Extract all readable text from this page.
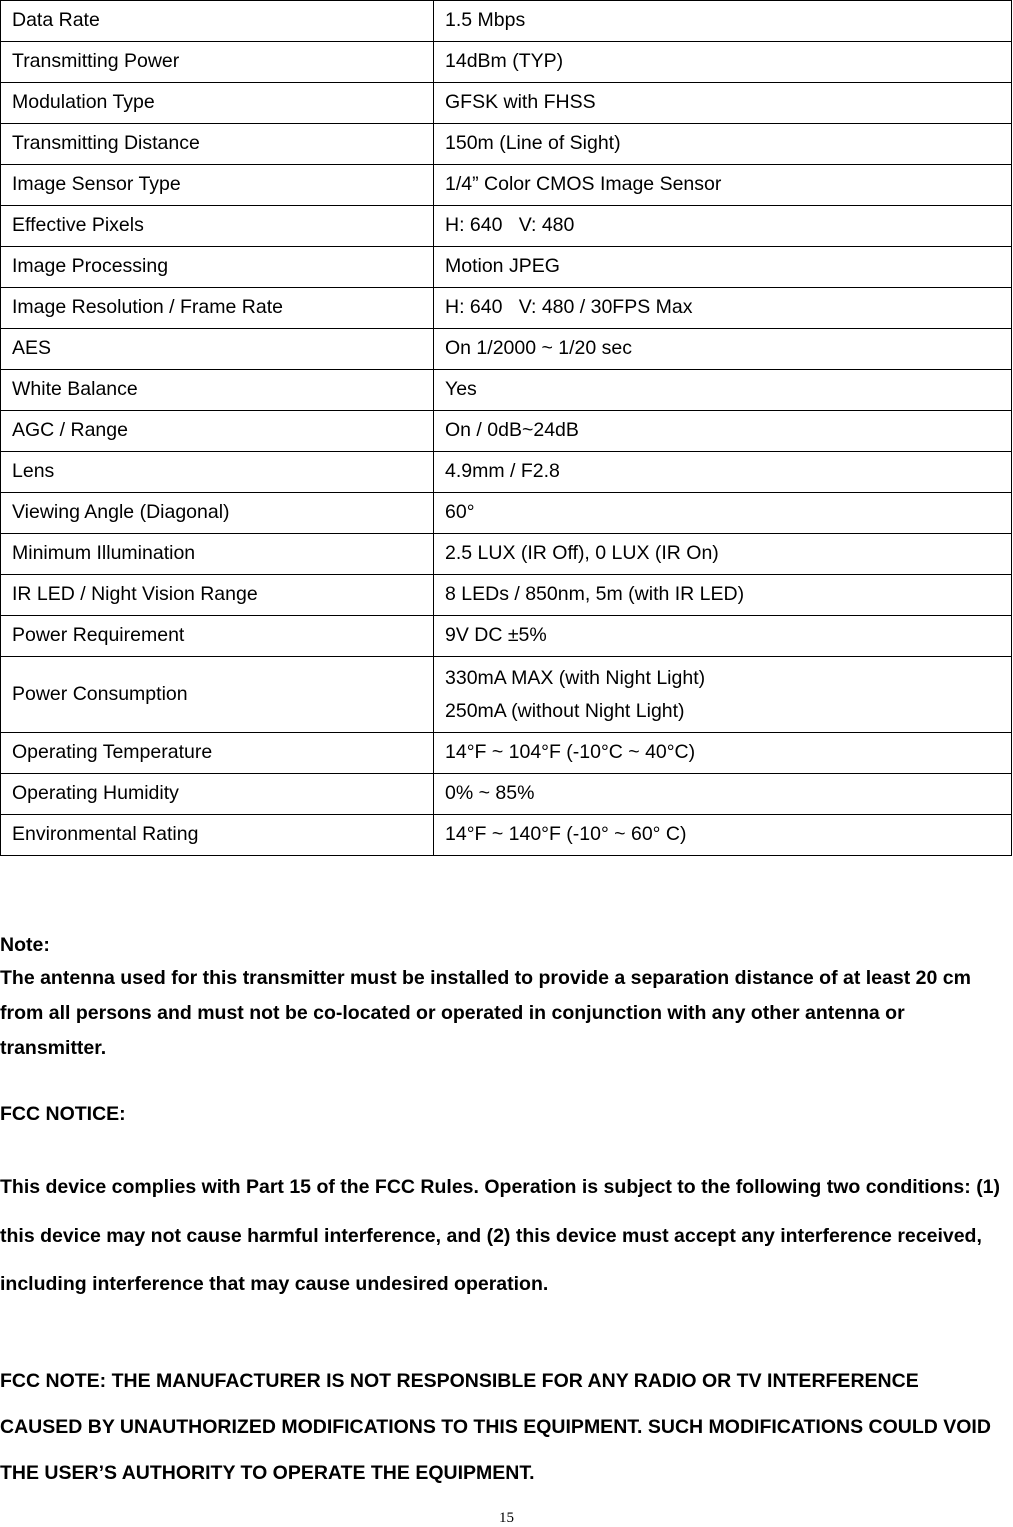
Data Rate	1.5 Mbps
Transmitting Power	14dBm (TYP)
Modulation Type	GFSK with FHSS
Transmitting Distance	150m (Line of Sight)
Image Sensor Type	1/4” Color CMOS Image Sensor
Effective Pixels	H: 640   V: 480
Image Processing	Motion JPEG
Image Resolution / Frame Rate	H: 640   V: 480 / 30FPS Max
AES	On 1/2000 ~ 1/20 sec
White Balance	Yes
AGC / Range	On / 0dB~24dB
Lens	4.9mm / F2.8
Viewing Angle (Diagonal)	60°
Minimum Illumination	2.5 LUX (IR Off), 0 LUX (IR On)
IR LED / Night Vision Range	8 LEDs / 850nm, 5m (with IR LED)
Power Requirement	9V DC ±5%
Power Consumption	330mA MAX (with Night Light)
250mA (without Night Light)

Operating Temperature	14°F ~ 104°F (-10°C ~ 40°C)
Operating Humidity	0% ~ 85%
Environmental Rating	14°F ~ 140°F (-10° ~ 60° C)

Note:

The antenna used for this transmitter must be installed to provide a separation distance of at least 20 cm from all persons and must not be co-located or operated in conjunction with any other antenna or transmitter.

FCC NOTICE:

This device complies with Part 15 of the FCC Rules. Operation is subject to the following two conditions: (1) this device may not cause harmful interference, and (2) this device must accept any interference received, including interference that may cause undesired operation.

FCC NOTE: THE MANUFACTURER IS NOT RESPONSIBLE FOR ANY RADIO OR TV INTERFERENCE CAUSED BY UNAUTHORIZED MODIFICATIONS TO THIS EQUIPMENT. SUCH MODIFICATIONS COULD VOID THE USER’S AUTHORITY TO OPERATE THE EQUIPMENT.

15
